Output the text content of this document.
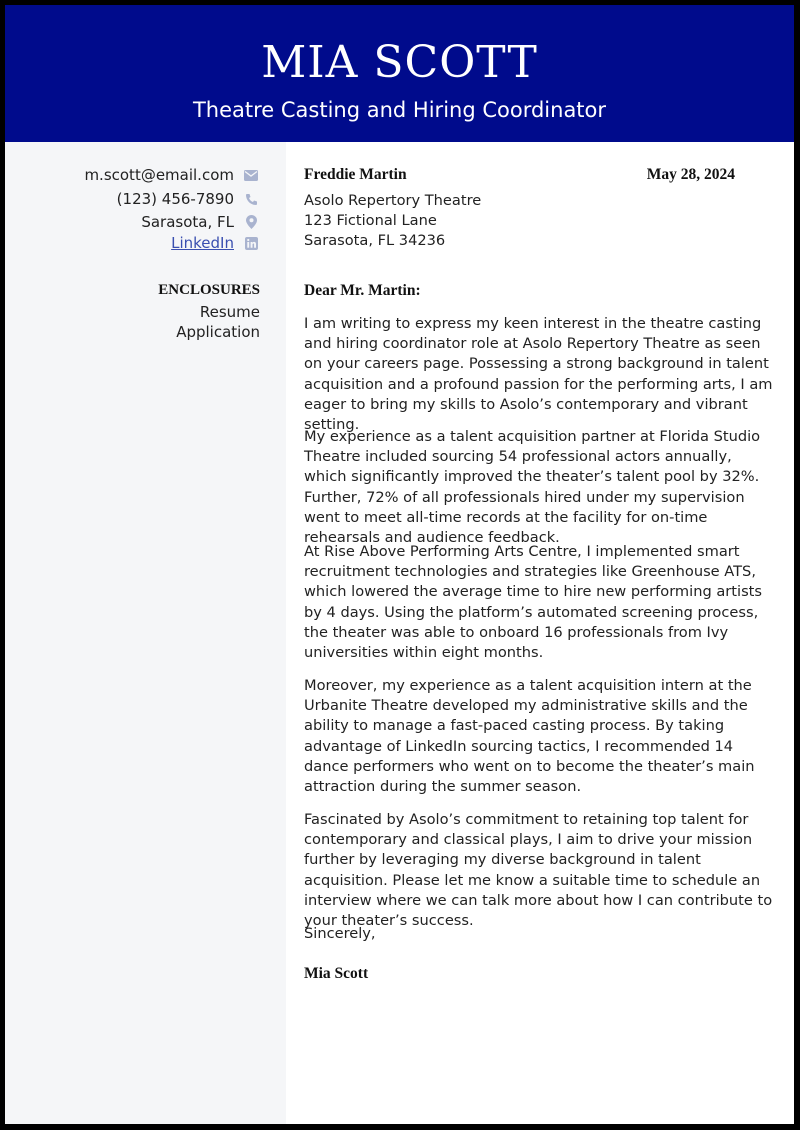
MIA SCOTT
Theatre Casting and Hiring Coordinator
m.scott@email.com
(123) 456-7890
Sarasota, FL
LinkedIn
ENCLOSURES
Resume
Application
Freddie Martin	May 28, 2024
Asolo Repertory Theatre
123 Fictional Lane
Sarasota, FL 34236
Dear Mr. Martin:

I am writing to express my keen interest in the theatre casting and hiring coordinator role at Asolo Repertory Theatre as seen on your careers page. Possessing a strong background in talent acquisition and a profound passion for the performing arts, I am eager to bring my skills to Asolo’s contemporary and vibrant setting.

My experience as a talent acquisition partner at Florida Studio Theatre included sourcing 54 professional actors annually, which significantly improved the theater’s talent pool by 32%. Further, 72% of all professionals hired under my supervision went to meet all-time records at the facility for on-time rehearsals and audience feedback.

At Rise Above Performing Arts Centre, I implemented smart recruitment technologies and strategies like Greenhouse ATS, which lowered the average time to hire new performing artists by 4 days. Using the platform’s automated screening process, the theater was able to onboard 16 professionals from Ivy universities within eight months.

Moreover, my experience as a talent acquisition intern at the Urbanite Theatre developed my administrative skills and the ability to manage a fast-paced casting process. By taking advantage of LinkedIn sourcing tactics, I recommended 14 dance performers who went on to become the theater’s main attraction during the summer season.

Fascinated by Asolo’s commitment to retaining top talent for contemporary and classical plays, I aim to drive your mission further by leveraging my diverse background in talent acquisition. Please let me know a suitable time to schedule an interview where we can talk more about how I can contribute to your theater’s success.

Sincerely,
Mia Scott
